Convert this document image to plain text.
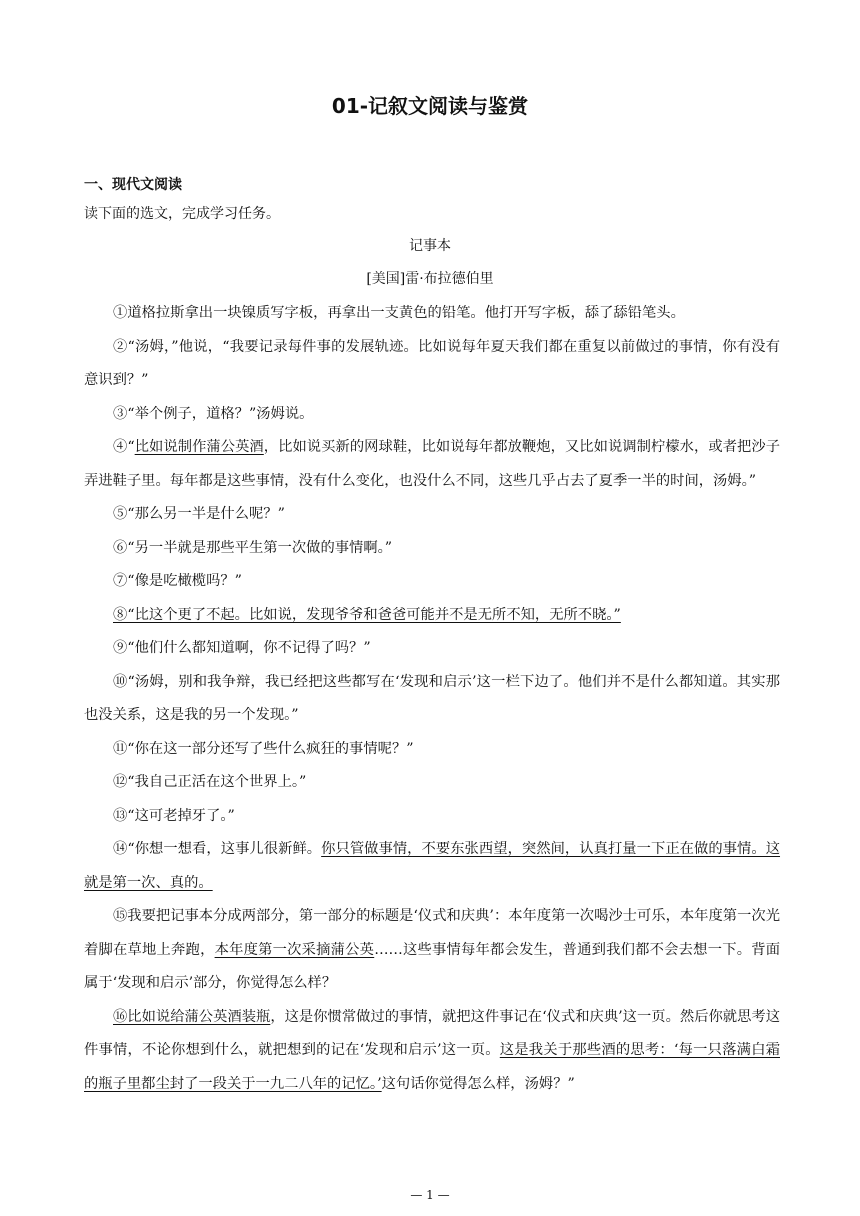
01-记叙文阅读与鉴赏
一、现代文阅读
读下面的选文，完成学习任务。
记事本
[美国]雷·布拉德伯里

①道格拉斯拿出一块镍质写字板，再拿出一支黄色的铅笔。他打开写字板，舔了舔铅笔头。

②“汤姆，”他说，“我要记录每件事的发展轨迹。比如说每年夏天我们都在重复以前做过的事情，你有没有意识到？”

③“举个例子，道格？”汤姆说。

④“比如说制作蒲公英酒，比如说买新的网球鞋，比如说每年都放鞭炮，又比如说调制柠檬水，或者把沙子弄进鞋子里。每年都是这些事情，没有什么变化，也没什么不同，这些几乎占去了夏季一半的时间，汤姆。”

⑤“那么另一半是什么呢？”

⑥“另一半就是那些平生第一次做的事情啊。”

⑦“像是吃橄榄吗？”

⑧“比这个更了不起。比如说，发现爷爷和爸爸可能并不是无所不知，无所不晓。”

⑨“他们什么都知道啊，你不记得了吗？”

⑩“汤姆，别和我争辩，我已经把这些都写在‘发现和启示’这一栏下边了。他们并不是什么都知道。其实那也没关系，这是我的另一个发现。”

⑪“你在这一部分还写了些什么疯狂的事情呢？”

⑫“我自己正活在这个世界上。”

⑬“这可老掉牙了。”

⑭“你想一想看，这事儿很新鲜。你只管做事情，不要东张西望，突然间，认真打量一下正在做的事情。这就是第一次、真的。

⑮我要把记事本分成两部分，第一部分的标题是‘仪式和庆典’：本年度第一次喝沙士可乐，本年度第一次光着脚在草地上奔跑，本年度第一次采摘蒲公英……这些事情每年都会发生，普通到我们都不会去想一下。背面属于‘发现和启示’部分，你觉得怎么样？

⑯比如说给蒲公英酒装瓶，这是你惯常做过的事情，就把这件事记在‘仪式和庆典’这一页。然后你就思考这件事情，不论你想到什么，就把想到的记在‘发现和启示’这一页。这是我关于那些酒的思考：‘每一只落满白霜的瓶子里都尘封了一段关于一九二八年的记忆。’这句话你觉得怎么样，汤姆？”

— 1 —
